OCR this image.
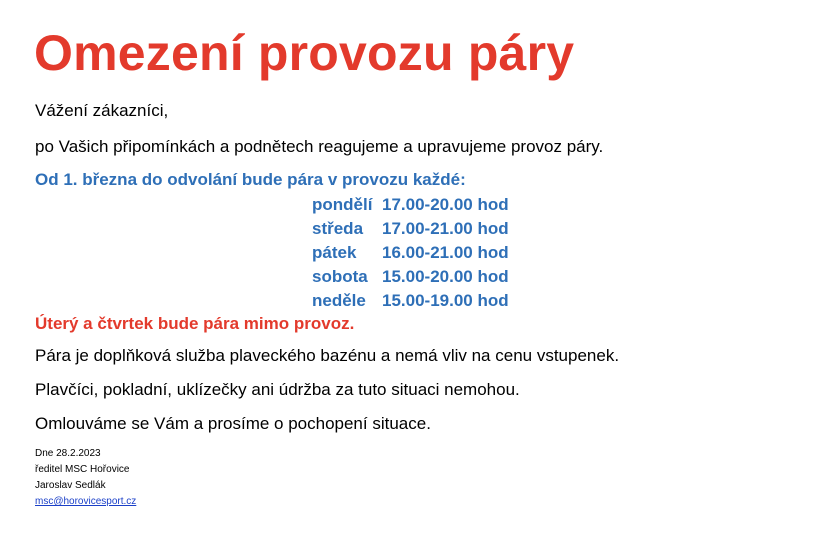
Omezení provozu páry
Vážení zákazníci,
po Vašich připomínkách a podnětech reagujeme a upravujeme provoz páry.
Od 1. března do odvolání bude pára v provozu každé:
pondělí 17.00-20.00 hod
středa	17.00-21.00 hod
pátek	16.00-21.00 hod
sobota 15.00-20.00 hod
neděle 15.00-19.00 hod
Úterý a čtvrtek bude pára mimo provoz.
Pára je doplňková služba plaveckého bazénu a nemá vliv na cenu vstupenek.
Plavčíci, pokladní, uklízečky ani údržba za tuto situaci nemohou.
Omlouváme se Vám a prosíme o pochopení situace.
Dne 28.2.2023
ředitel MSC Hořovice
Jaroslav Sedlák
msc@horovicesport.cz
